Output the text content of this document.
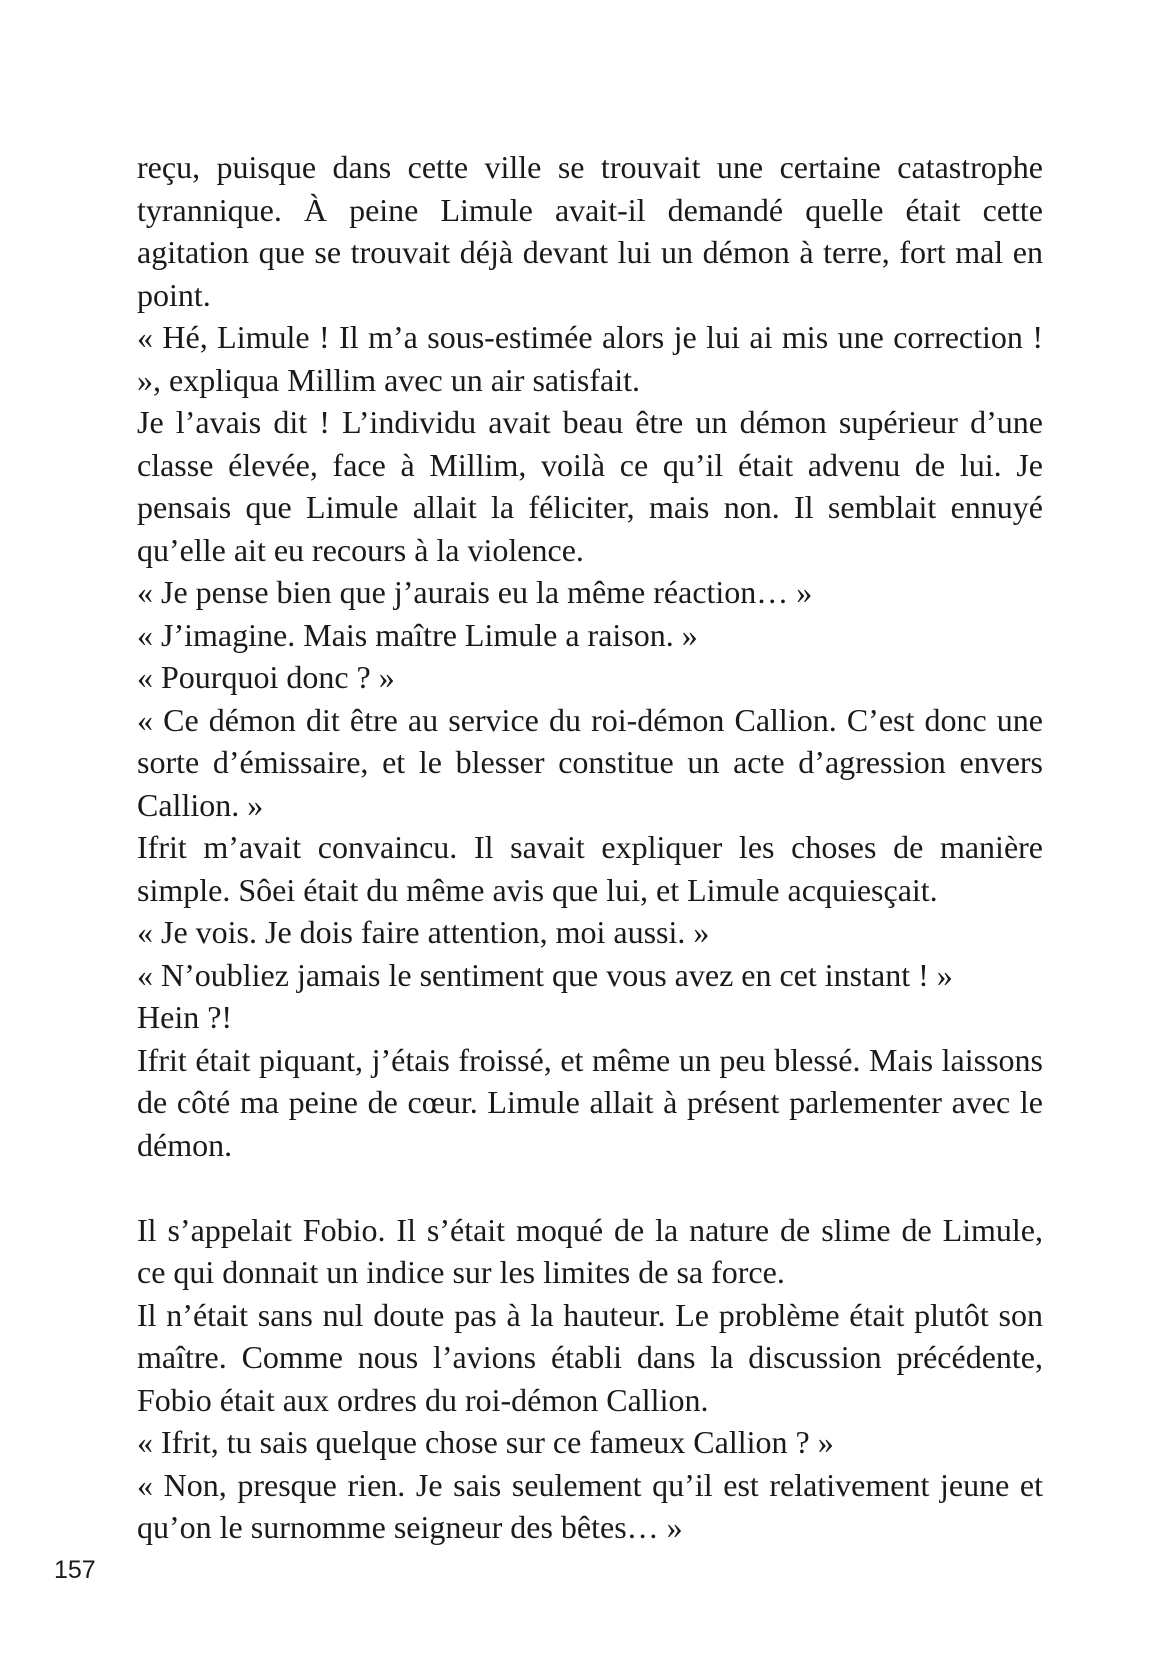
reçu, puisque dans cette ville se trouvait une certaine catastrophe tyrannique. À peine Limule avait-il demandé quelle était cette agitation que se trouvait déjà devant lui un démon à terre, fort mal en point.

« Hé, Limule ! Il m’a sous-estimée alors je lui ai mis une correction ! », expliqua Millim avec un air satisfait.

Je l’avais dit ! L’individu avait beau être un démon supérieur d’une classe élevée, face à Millim, voilà ce qu’il était advenu de lui. Je pensais que Limule allait la féliciter, mais non. Il semblait ennuyé qu’elle ait eu recours à la violence.

« Je pense bien que j’aurais eu la même réaction… »

« J’imagine. Mais maître Limule a raison. »

« Pourquoi donc ? »

« Ce démon dit être au service du roi-démon Callion. C’est donc une sorte d’émissaire, et le blesser constitue un acte d’agression envers Callion. »

Ifrit m’avait convaincu. Il savait expliquer les choses de manière simple. Sôei était du même avis que lui, et Limule acquiesçait.

« Je vois. Je dois faire attention, moi aussi. »

« N’oubliez jamais le sentiment que vous avez en cet instant ! »

Hein ?!

Ifrit était piquant, j’étais froissé, et même un peu blessé. Mais laissons de côté ma peine de cœur. Limule allait à présent parlementer avec le démon.

Il s’appelait Fobio. Il s’était moqué de la nature de slime de Limule, ce qui donnait un indice sur les limites de sa force.

Il n’était sans nul doute pas à la hauteur. Le problème était plutôt son maître. Comme nous l’avions établi dans la discussion précédente, Fobio était aux ordres du roi-démon Callion.

« Ifrit, tu sais quelque chose sur ce fameux Callion ? »

« Non, presque rien. Je sais seulement qu’il est relativement jeune et qu’on le surnomme seigneur des bêtes… »

157
